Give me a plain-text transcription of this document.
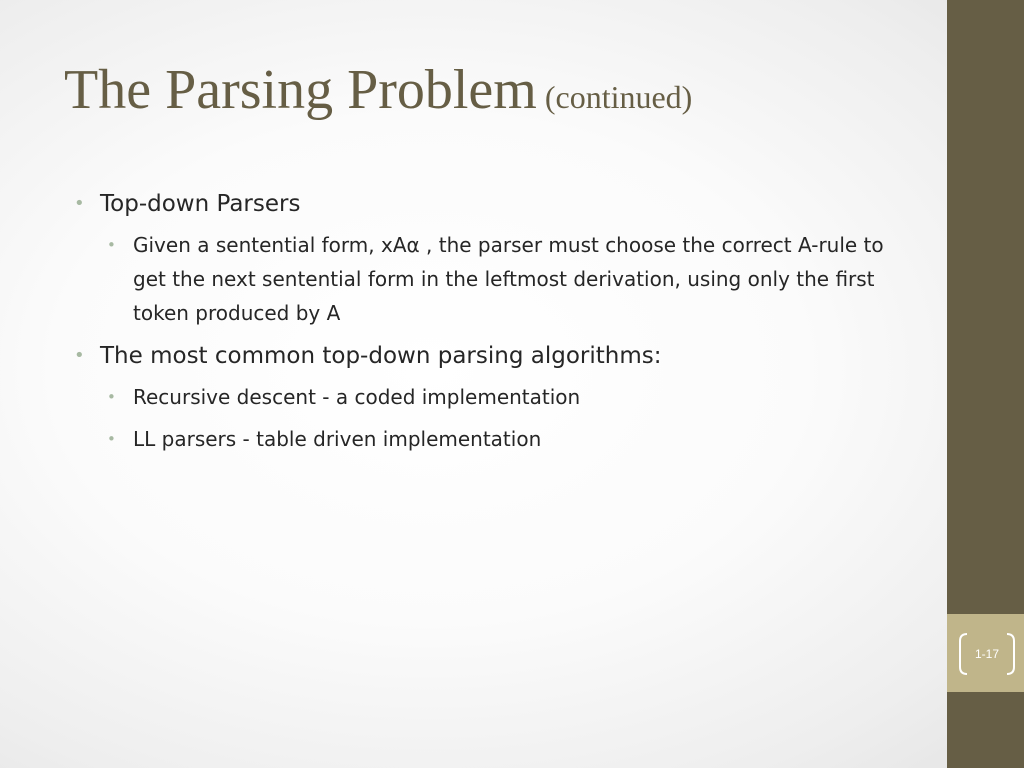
1-17
The Parsing Problem (continued)
• Top-down Parsers
• Given a sentential form, xAα , the parser must choose the correct A-rule to get the next sentential form in the leftmost derivation, using only the first token produced by A
• The most common top-down parsing algorithms:
• Recursive descent - a coded implementation
• LL parsers - table driven implementation
